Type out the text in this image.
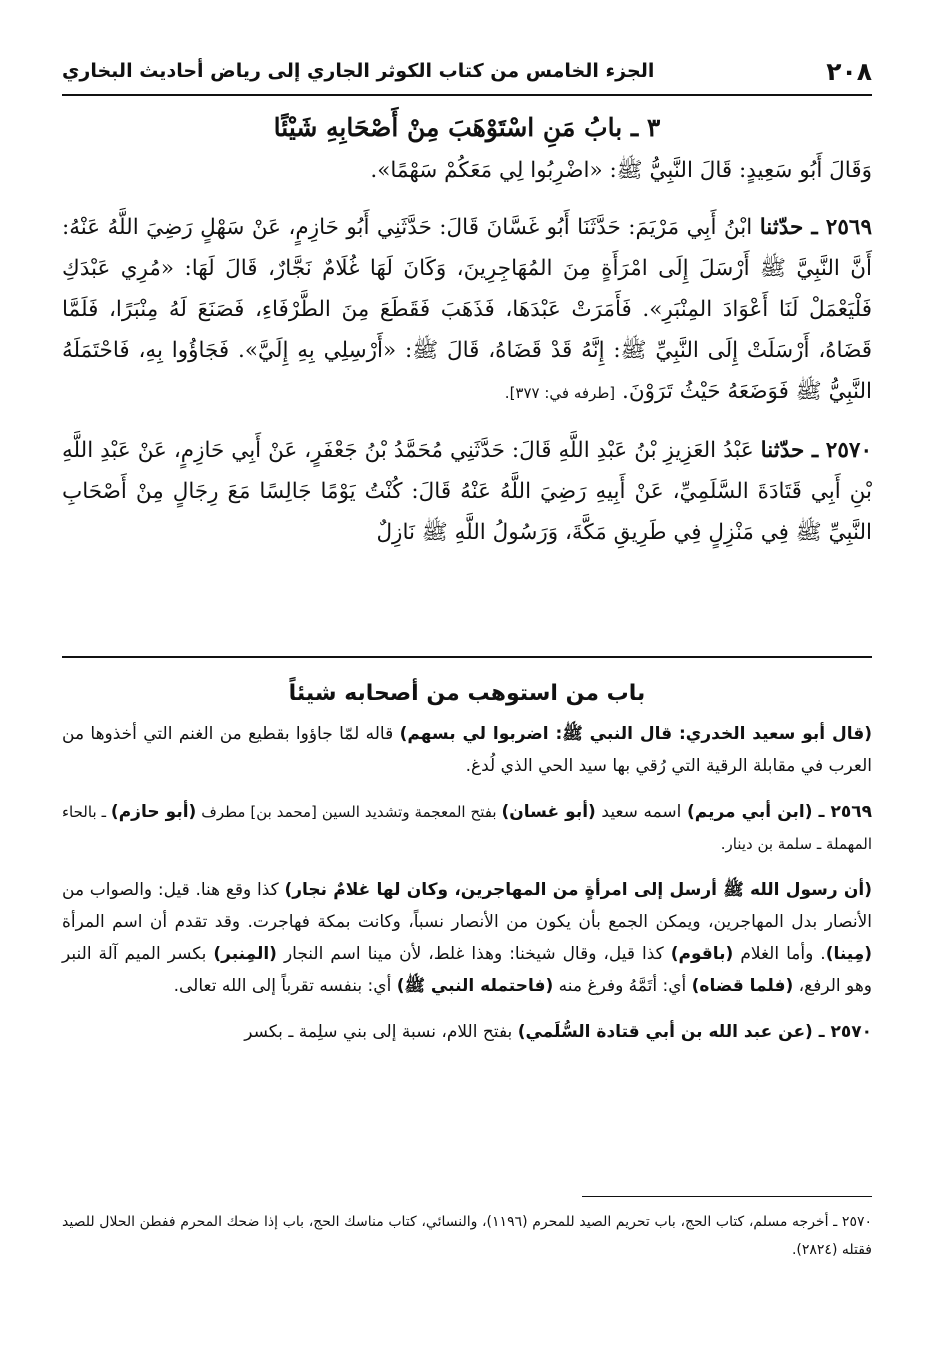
٢٠٨
الجزء الخامس من كتاب الكوثر الجاري إلى رياض أحاديث البخاري
٣ ـ بابُ مَنِ اسْتَوْهَبَ مِنْ أَصْحَابِهِ شَيْئًا

وَقَالَ أَبُو سَعِيدٍ: قَالَ النَّبِيُّ ﷺ: «اضْرِبُوا لِي مَعَكُمْ سَهْمًا».

٢٥٦٩ ـ حدّثنا ابْنُ أَبِي مَرْيَمَ: حَدَّثَنَا أَبُو غَسَّانَ قَالَ: حَدَّثَنِي أَبُو حَازِمٍ، عَنْ سَهْلٍ رَضِيَ اللَّهُ عَنْهُ: أَنَّ النَّبِيَّ ﷺ أَرْسَلَ إِلَى امْرَأَةٍ مِنَ المُهَاجِرِينَ، وَكَانَ لَهَا غُلَامٌ نَجَّارٌ، قَالَ لَهَا: «مُرِي عَبْدَكِ فَلْيَعْمَلْ لَنَا أَعْوَادَ المِنْبَرِ». فَأَمَرَتْ عَبْدَهَا، فَذَهَبَ فَقَطَعَ مِنَ الطَّرْفَاءِ، فَصَنَعَ لَهُ مِنْبَرًا، فَلَمَّا قَضَاهُ، أَرْسَلَتْ إِلَى النَّبِيِّ ﷺ: إِنَّهُ قَدْ قَضَاهُ، قَالَ ﷺ: «أَرْسِلِي بِهِ إِلَيَّ». فَجَاؤُوا بِهِ، فَاحْتَمَلَهُ النَّبِيُّ ﷺ فَوَضَعَهُ حَيْثُ تَرَوْنَ. [طرفه في: ٣٧٧].

٢٥٧٠ ـ حدّثنا عَبْدُ العَزِيزِ بْنُ عَبْدِ اللَّهِ قَالَ: حَدَّثَنِي مُحَمَّدُ بْنُ جَعْفَرٍ، عَنْ أَبِي حَازِمٍ، عَنْ عَبْدِ اللَّهِ بْنِ أَبِي قَتَادَةَ السَّلَمِيِّ، عَنْ أَبِيهِ رَضِيَ اللَّهُ عَنْهُ قَالَ: كُنْتُ يَوْمًا جَالِسًا مَعَ رِجَالٍ مِنْ أَصْحَابِ النَّبِيِّ ﷺ فِي مَنْزِلٍ فِي طَرِيقِ مَكَّةَ، وَرَسُولُ اللَّهِ ﷺ نَازِلٌ

باب من استوهب من أصحابه شيئاً

(قال أبو سعيد الخدري: قال النبي ﷺ: اضربوا لي بسهم) قاله لمّا جاؤوا بقطيع من الغنم التي أخذوها من العرب في مقابلة الرقية التي رُقي بها سيد الحي الذي لُدغ.

٢٥٦٩ ـ (ابن أبي مريم) اسمه سعيد (أبو غسان) بفتح المعجمة وتشديد السين [محمد بن] مطرف (أبو حازم) ـ بالحاء المهملة ـ سلمة بن دينار.

(أن رسول الله ﷺ أرسل إلى امرأةٍ من المهاجرين، وكان لها غلامٌ نجار) كذا وقع هنا. قيل: والصواب من الأنصار بدل المهاجرين، ويمكن الجمع بأن يكون من الأنصار نسباً، وكانت بمكة فهاجرت. وقد تقدم أن اسم المرأة (مِينا). وأما الغلام (باقوم) كذا قيل، وقال شيخنا: وهذا غلط، لأن مينا اسم النجار (المِنبر) بكسر الميم آلة النبر وهو الرفع، (فلما قضاه) أي: أتَمَّهُ وفرغ منه (فاحتمله النبي ﷺ) أي: بنفسه تقرباً إلى الله تعالى.

٢٥٧٠ ـ (عن عبد الله بن أبي قتادة السُّلَمي) بفتح اللام، نسبة إلى بني سلِمة ـ بكسر

٢٥٧٠ ـ أخرجه مسلم، كتاب الحج، باب تحريم الصيد للمحرم (١١٩٦)، والنسائي، كتاب مناسك الحج، باب إذا ضحك المحرم ففطن الحلال للصيد فقتله (٢٨٢٤).
